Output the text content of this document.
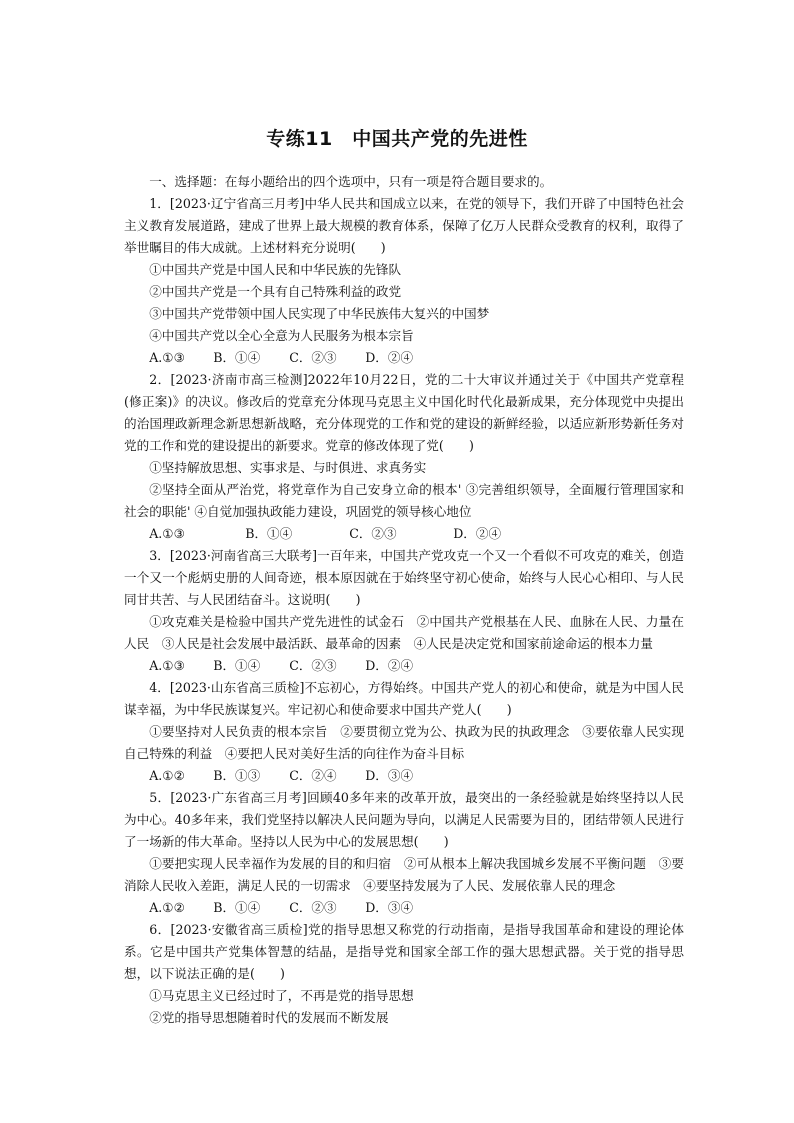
专练11　中国共产党的先进性

一、选择题：在每小题给出的四个选项中，只有一项是符合题目要求的。

1．[2023·辽宁省高三月考]中华人民共和国成立以来，在党的领导下，我们开辟了中国特色社会主义教育发展道路，建成了世界上最大规模的教育体系，保障了亿万人民群众受教育的权利，取得了举世瞩目的伟大成就。上述材料充分说明(　　)

①中国共产党是中国人民和中华民族的先锋队

②中国共产党是一个具有自己特殊利益的政党

③中国共产党带领中国人民实现了中华民族伟大复兴的中国梦

④中国共产党以全心全意为人民服务为根本宗旨

A.①③	B．①④	C．②③	D．②④

2．[2023·济南市高三检测]2022年10月22日，党的二十大审议并通过关于《中国共产党章程(修正案)》的决议。修改后的党章充分体现马克思主义中国化时代化最新成果，充分体现党中央提出的治国理政新理念新思想新战略，充分体现党的工作和党的建设的新鲜经验，以适应新形势新任务对党的工作和党的建设提出的新要求。党章的修改体现了党(　　)

①坚持解放思想、实事求是、与时俱进、求真务实

②坚持全面从严治党，将党章作为自己安身立命的根本' ③完善组织领导，全面履行管理国家和社会的职能' ④自觉加强执政能力建设，巩固党的领导核心地位

A.①③	B．①④	C．②③	D．②④

3．[2023·河南省高三大联考]一百年来，中国共产党攻克一个又一个看似不可攻克的难关，创造一个又一个彪炳史册的人间奇迹，根本原因就在于始终坚守初心使命，始终与人民心心相印、与人民同甘共苦、与人民团结奋斗。这说明(　　)

①攻克难关是检验中国共产党先进性的试金石　②中国共产党根基在人民、血脉在人民、力量在人民　③人民是社会发展中最活跃、最革命的因素　④人民是决定党和国家前途命运的根本力量

A.①③	B．①④	C．②③	D．②④

4．[2023·山东省高三质检]不忘初心，方得始终。中国共产党人的初心和使命，就是为中国人民谋幸福，为中华民族谋复兴。牢记初心和使命要求中国共产党人(　　)

①要坚持对人民负责的根本宗旨　②要贯彻立党为公、执政为民的执政理念　③要依靠人民实现自己特殊的利益　④要把人民对美好生活的向往作为奋斗目标

A.①②	B．①③	C．②④	D．③④

5．[2023·广东省高三月考]回顾40多年来的改革开放，最突出的一条经验就是始终坚持以人民为中心。40多年来，我们党坚持以解决人民问题为导向，以满足人民需要为目的，团结带领人民进行了一场新的伟大革命。坚持以人民为中心的发展思想(　　)

①要把实现人民幸福作为发展的目的和归宿　②可从根本上解决我国城乡发展不平衡问题　③要消除人民收入差距，满足人民的一切需求　④要坚持发展为了人民、发展依靠人民的理念

A.①②	B．①④	C．②③	D．③④

6．[2023·安徽省高三质检]党的指导思想又称党的行动指南，是指导我国革命和建设的理论体系。它是中国共产党集体智慧的结晶，是指导党和国家全部工作的强大思想武器。关于党的指导思想，以下说法正确的是(　　)

①马克思主义已经过时了，不再是党的指导思想

②党的指导思想随着时代的发展而不断发展
